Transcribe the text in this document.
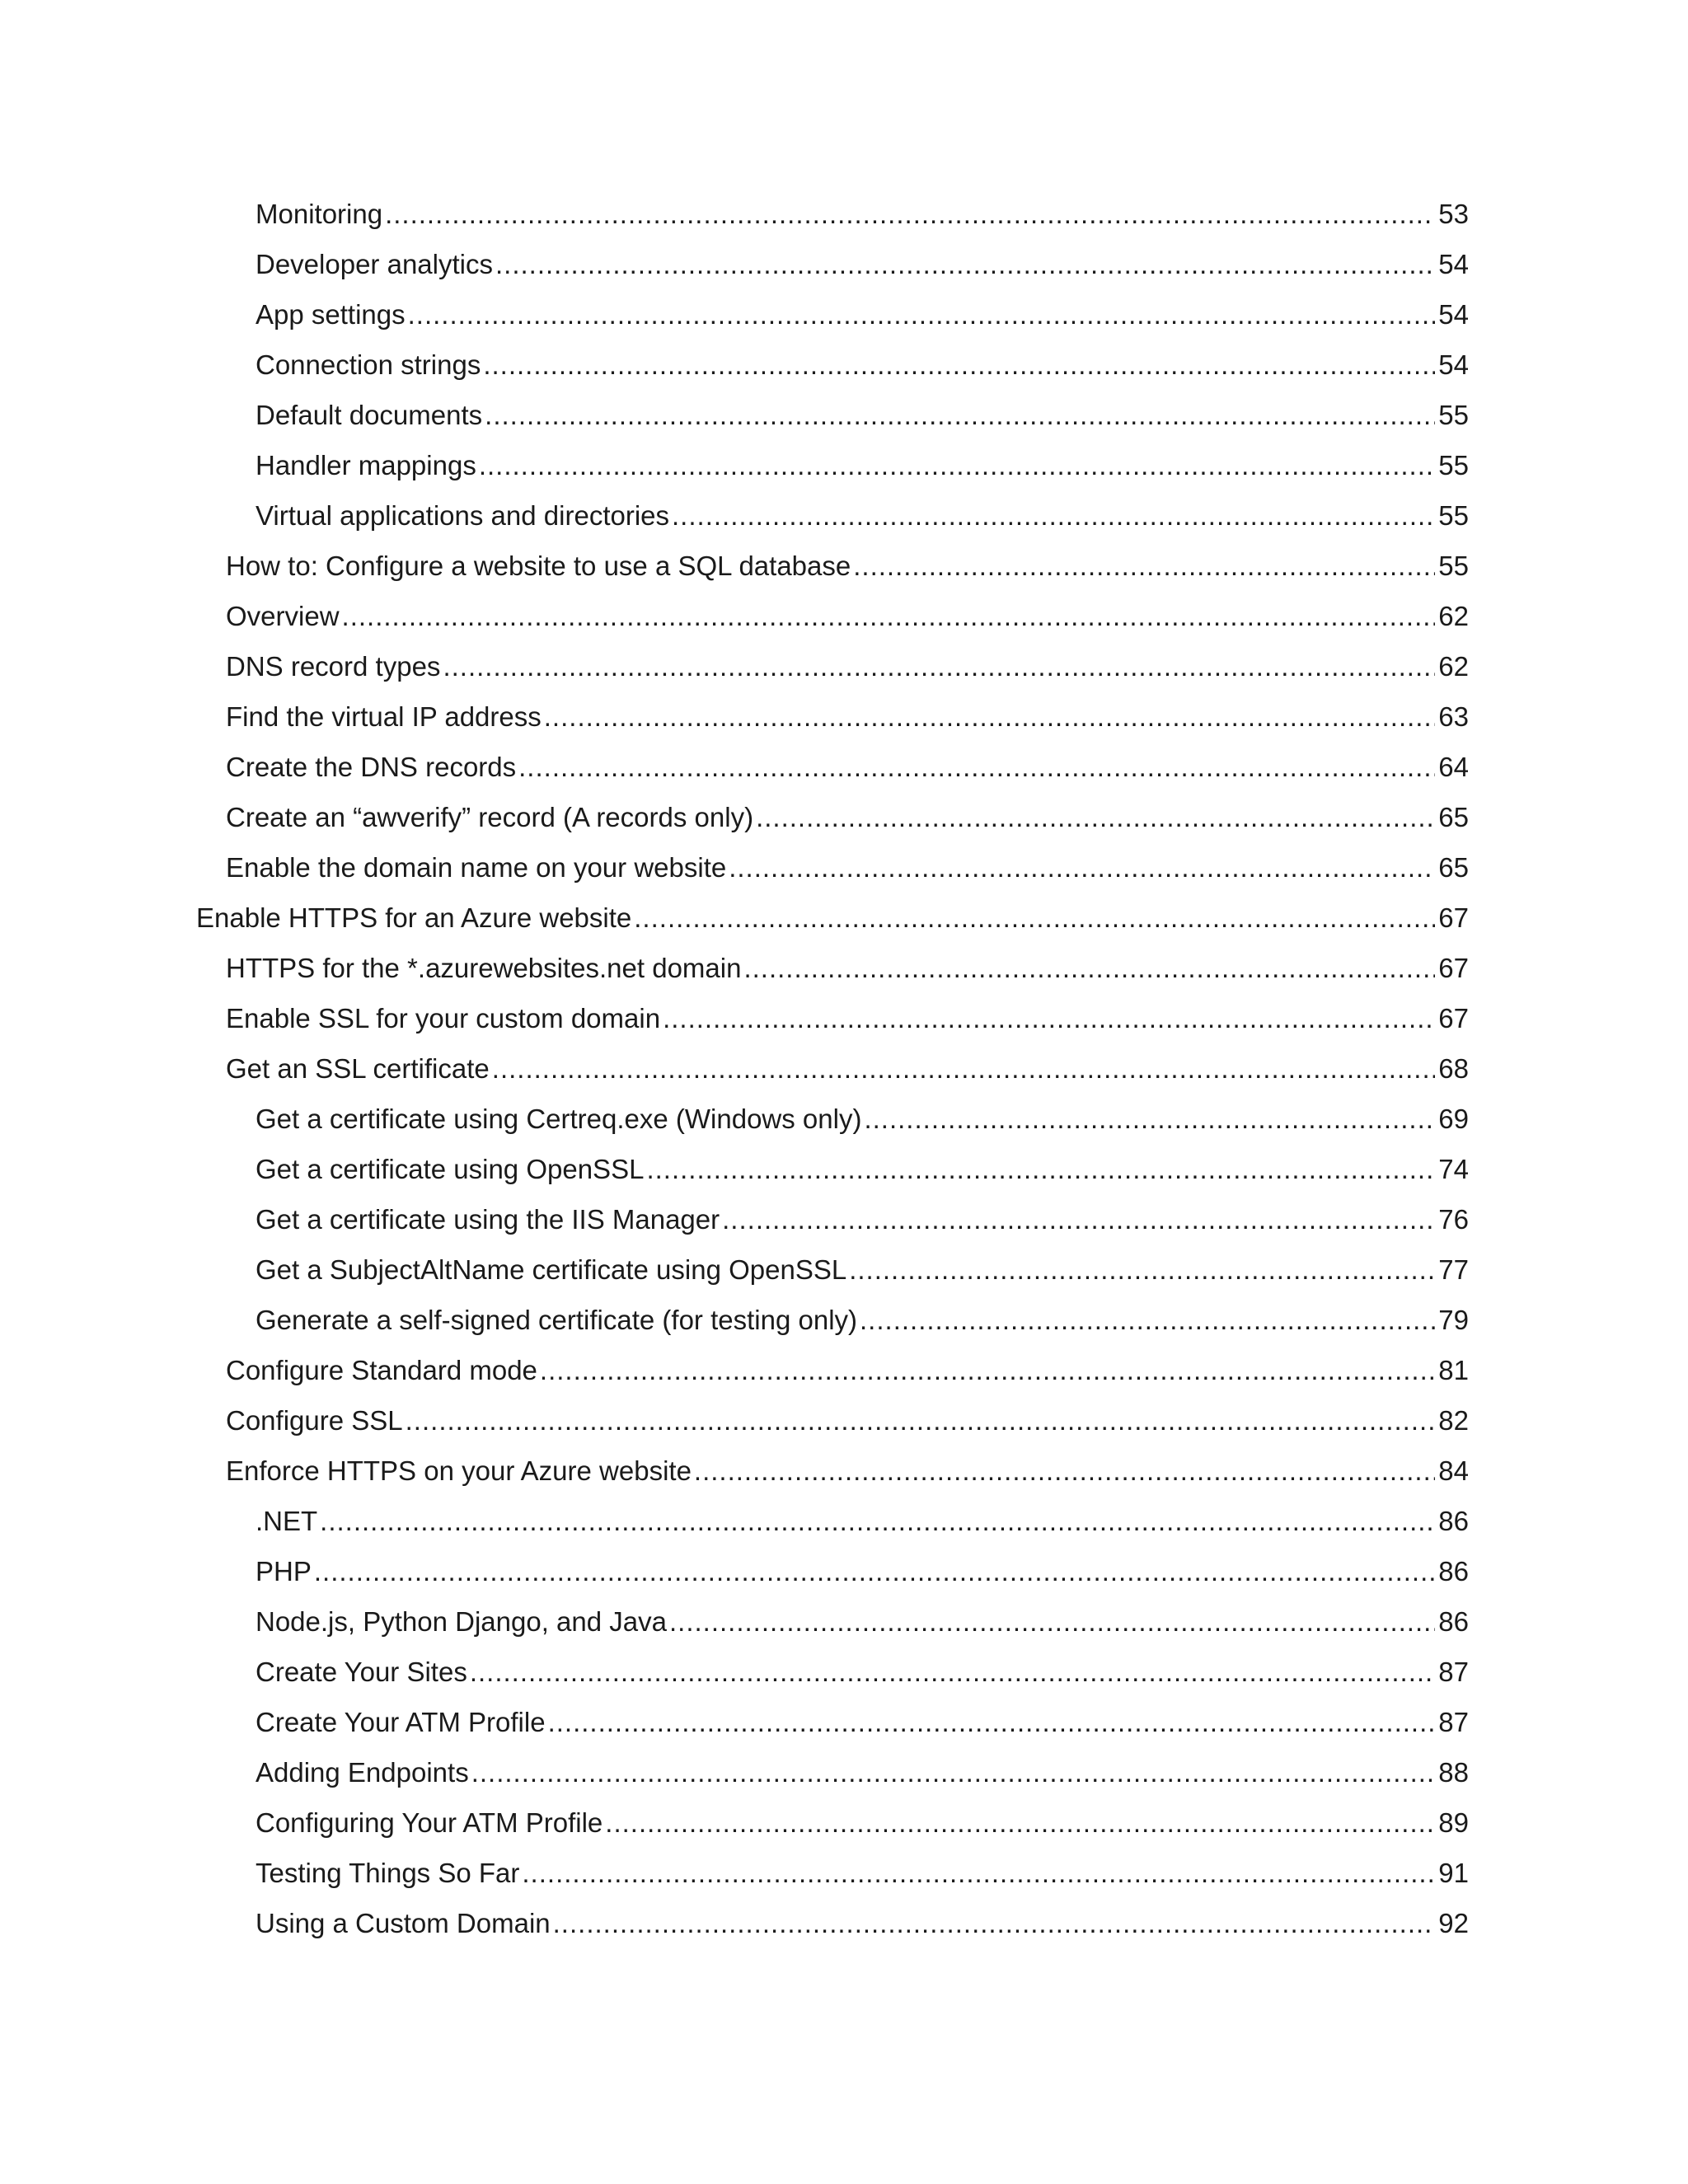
Monitoring .....	53
Developer analytics .....	54
App settings .....	54
Connection strings .....	54
Default documents .....	55
Handler mappings .....	55
Virtual applications and directories .....	55
How to: Configure a website to use a SQL database .....	55
Overview .....	62
DNS record types .....	62
Find the virtual IP address .....	63
Create the DNS records .....	64
Create an “awverify” record (A records only) .....	65
Enable the domain name on your website .....	65
Enable HTTPS for an Azure website .....	67
HTTPS for the *.azurewebsites.net domain .....	67
Enable SSL for your custom domain .....	67
Get an SSL certificate .....	68
Get a certificate using Certreq.exe (Windows only) .....	69
Get a certificate using OpenSSL .....	74
Get a certificate using the IIS Manager .....	76
Get a SubjectAltName certificate using OpenSSL .....	77
Generate a self-signed certificate (for testing only) .....	79
Configure Standard mode .....	81
Configure SSL .....	82
Enforce HTTPS on your Azure website .....	84
.NET .....	86
PHP .....	86
Node.js, Python Django, and Java .....	86
Create Your Sites .....	87
Create Your ATM Profile .....	87
Adding Endpoints .....	88
Configuring Your ATM Profile .....	89
Testing Things So Far .....	91
Using a Custom Domain .....	92
